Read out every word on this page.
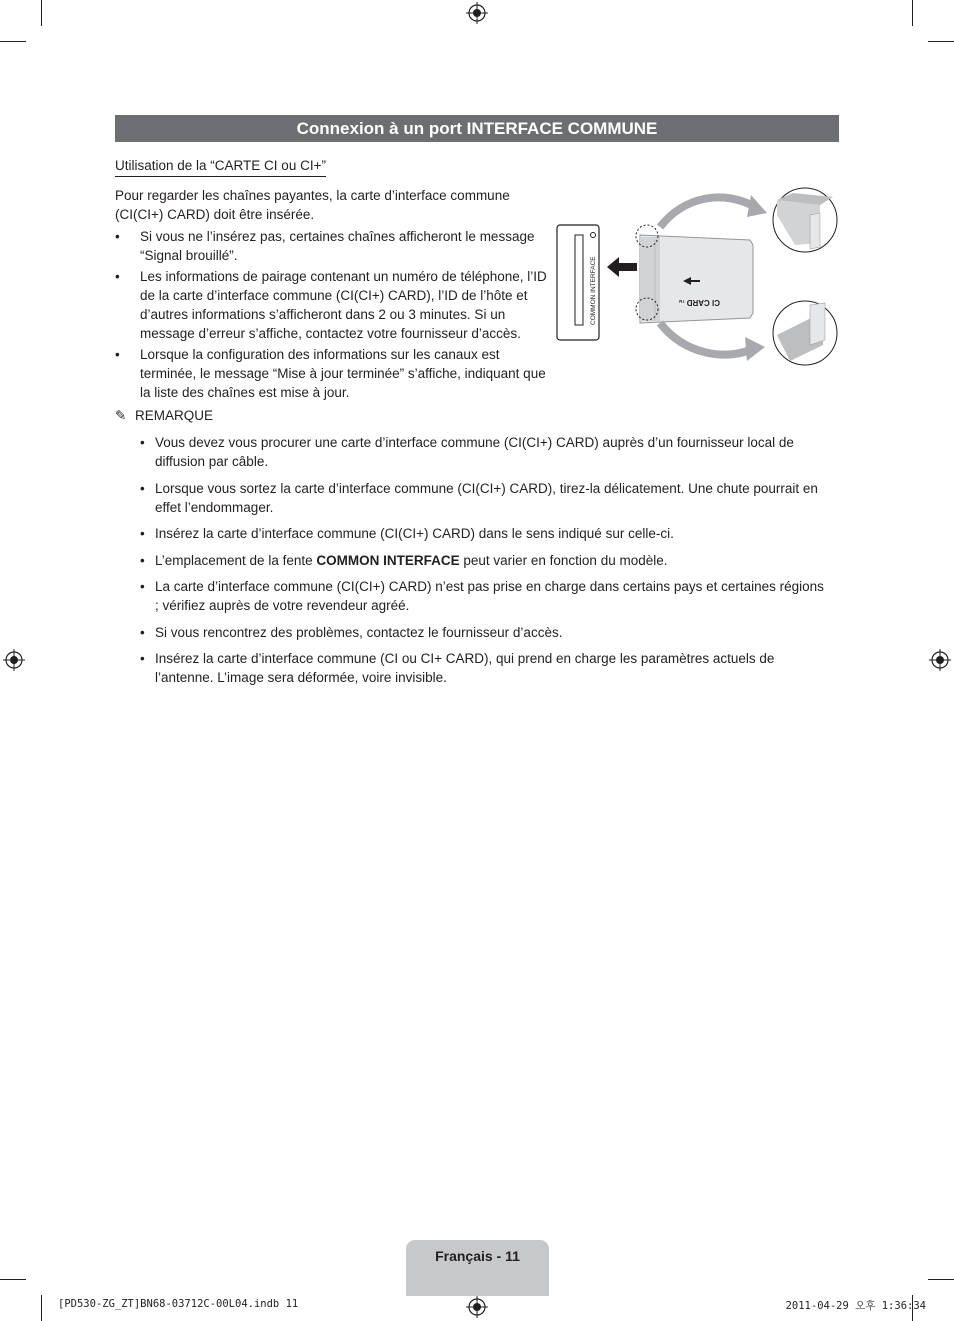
Connexion à un port INTERFACE COMMUNE
Utilisation de la “CARTE CI ou CI+”
Pour regarder les chaînes payantes, la carte d’interface commune (CI(CI+) CARD) doit être insérée.
• Si vous ne l’insérez pas, certaines chaînes afficheront le message “Signal brouillé”.
• Les informations de pairage contenant un numéro de téléphone, l’ID de la carte d’interface commune (CI(CI+) CARD), l’ID de l’hôte et d’autres informations s’afficheront dans 2 ou 3 minutes. Si un message d’erreur s’affiche, contactez votre fournisseur d’accès.
• Lorsque la configuration des informations sur les canaux est terminée, le message “Mise à jour terminée” s’affiche, indiquant que la liste des chaînes est mise à jour.
COMMON INTERFACE	CI CARDTM
✎ REMARQUE
• Vous devez vous procurer une carte d’interface commune (CI(CI+) CARD) auprès d’un fournisseur local de diffusion par câble.
• Lorsque vous sortez la carte d’interface commune (CI(CI+) CARD), tirez-la délicatement. Une chute pourrait en effet l’endommager.
• Insérez la carte d’interface commune (CI(CI+) CARD) dans le sens indiqué sur celle-ci.
• L’emplacement de la fente COMMON INTERFACE peut varier en fonction du modèle.
• La carte d’interface commune (CI(CI+) CARD) n’est pas prise en charge dans certains pays et certaines régions ; vérifiez auprès de votre revendeur agréé.
• Si vous rencontrez des problèmes, contactez le fournisseur d’accès.
• Insérez la carte d’interface commune (CI ou CI+ CARD), qui prend en charge les paramètres actuels de l’antenne. L’image sera déformée, voire invisible.
Français - 11
[PD530-ZG_ZT]BN68-03712C-00L04.indb 11	2011-04-29 오후 1:36:34
